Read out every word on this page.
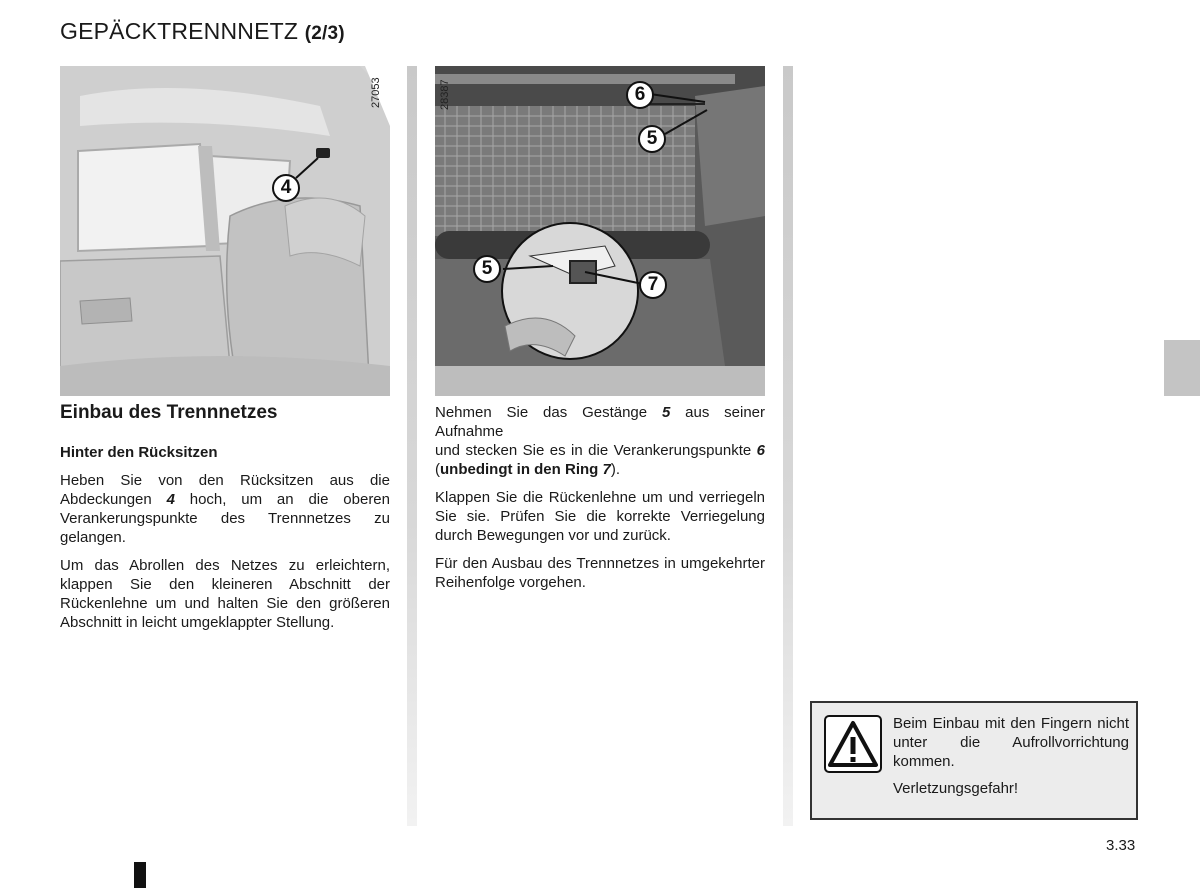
GEPÄCKTRENNNETZ (2/3)
4
27053	6
5
5
7
28387
Einbau des Trennnetzes
Hinter den Rücksitzen

Heben Sie von den Rücksitzen aus die Abdeckungen 4 hoch, um an die oberen Verankerungspunkte des Trennnetzes zu gelangen.

Um das Abrollen des Netzes zu erleichtern, klappen Sie den kleineren Abschnitt der Rückenlehne um und halten Sie den größeren Abschnitt in leicht umgeklappter Stellung.

Nehmen Sie das Gestänge 5 aus seiner Aufnahme
und stecken Sie es in die Verankerungspunkte 6 (unbedingt in den Ring 7).

Klappen Sie die Rückenlehne um und verriegeln Sie sie. Prüfen Sie die korrekte Verriegelung durch Bewegungen vor und zurück.

Für den Ausbau des Trennnetzes in umgekehrter Reihenfolge vorgehen.

Beim Einbau mit den Fingern nicht unter die Aufrollvorrichtung kommen.

Verletzungsgefahr!

3.33
